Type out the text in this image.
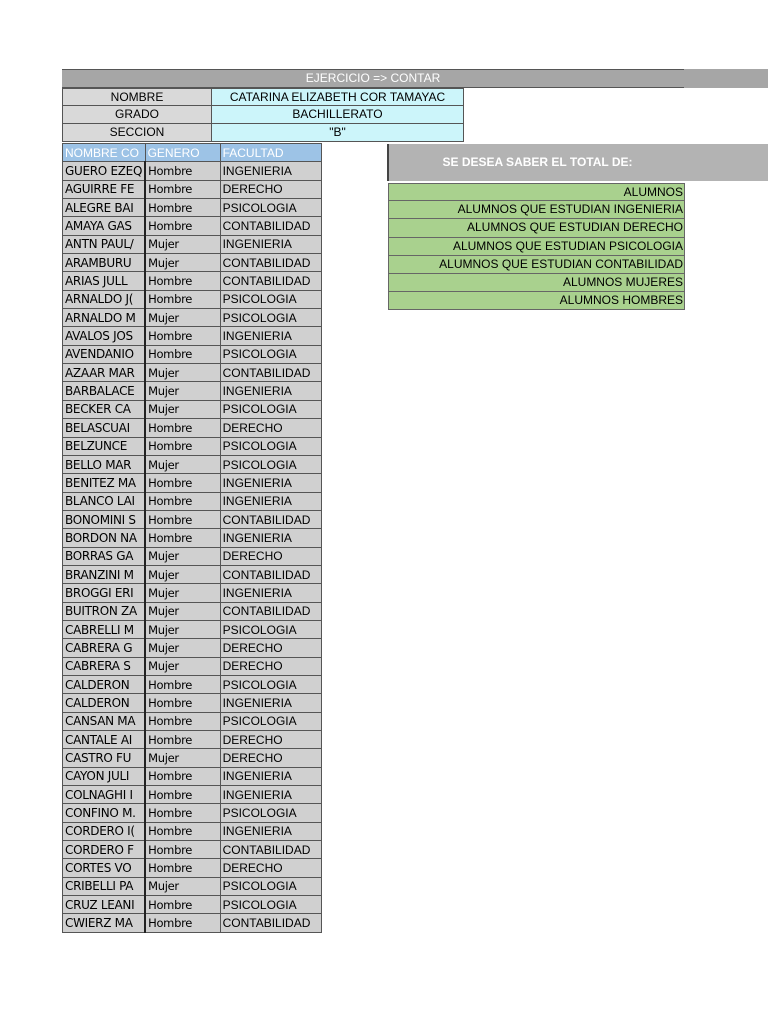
EJERCICIO => CONTAR
NOMBRE	CATARINA ELIZABETH COR TAMAYAC
GRADO	BACHILLERATO
SECCION	"B"
NOMBRE CO	GENERO	FACULTAD
GUERO EZEQ	Hombre	INGENIERIA
AGUIRRE FE	Hombre	DERECHO
ALEGRE BAI	Hombre	PSICOLOGIA
AMAYA GAS	Hombre	CONTABILIDAD
ANTN PAUL/	Mujer	INGENIERIA
ARAMBURU	Mujer	CONTABILIDAD
ARIAS JULL	Hombre	CONTABILIDAD
ARNALDO J(	Hombre	PSICOLOGIA
ARNALDO M	Mujer	PSICOLOGIA
AVALOS JOS	Hombre	INGENIERIA
AVENDANIO	Hombre	PSICOLOGIA
AZAAR MAR	Mujer	CONTABILIDAD
BARBALACE	Mujer	INGENIERIA
BECKER CA	Mujer	PSICOLOGIA
BELASCUAI	Hombre	DERECHO
BELZUNCE	Hombre	PSICOLOGIA
BELLO MAR	Mujer	PSICOLOGIA
BENITEZ MA	Hombre	INGENIERIA
BLANCO LAI	Hombre	INGENIERIA
BONOMINI S	Hombre	CONTABILIDAD
BORDON NA	Hombre	INGENIERIA
BORRAS GA	Mujer	DERECHO
BRANZINI M	Mujer	CONTABILIDAD
BROGGI ERI	Mujer	INGENIERIA
BUITRON ZA	Mujer	CONTABILIDAD
CABRELLI M	Mujer	PSICOLOGIA
CABRERA G	Mujer	DERECHO
CABRERA S	Mujer	DERECHO
CALDERON	Hombre	PSICOLOGIA
CALDERON	Hombre	INGENIERIA
CANSAN MA	Hombre	PSICOLOGIA
CANTALE AI	Hombre	DERECHO
CASTRO FU	Mujer	DERECHO
CAYON JULI	Hombre	INGENIERIA
COLNAGHI I	Hombre	INGENIERIA
CONFINO M.	Hombre	PSICOLOGIA
CORDERO I(	Hombre	INGENIERIA
CORDERO F	Hombre	CONTABILIDAD
CORTES VO	Hombre	DERECHO
CRIBELLI PA	Mujer	PSICOLOGIA
CRUZ LEANI	Hombre	PSICOLOGIA
CWIERZ MA	Hombre	CONTABILIDAD
SE DESEA SABER EL TOTAL DE:
ALUMNOS
ALUMNOS QUE ESTUDIAN INGENIERIA
ALUMNOS QUE ESTUDIAN DERECHO
ALUMNOS QUE ESTUDIAN PSICOLOGIA
ALUMNOS QUE ESTUDIAN CONTABILIDAD
ALUMNOS MUJERES
ALUMNOS HOMBRES
